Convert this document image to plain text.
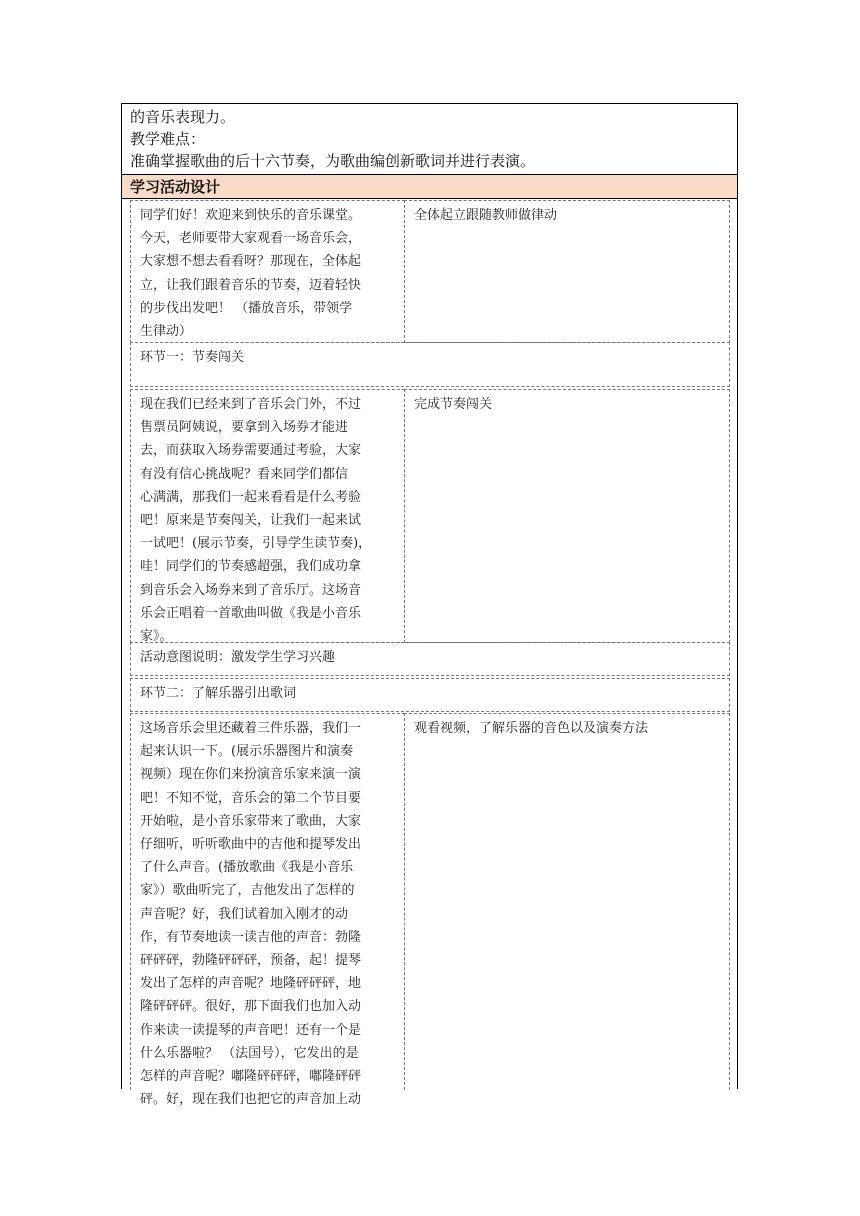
的音乐表现力。
教学难点：
准确掌握歌曲的后十六节奏，为歌曲编创新歌词并进行表演。
学习活动设计
同学们好！欢迎来到快乐的音乐课堂。
今天，老师要带大家观看一场音乐会，
大家想不想去看看呀？那现在，全体起
立，让我们跟着音乐的节奏，迈着轻快
的步伐出发吧！ （播放音乐，带领学
生律动）
全体起立跟随教师做律动
环节一：节奏闯关
现在我们已经来到了音乐会门外，不过
售票员阿姨说，要拿到入场券才能进
去，而获取入场券需要通过考验，大家
有没有信心挑战呢？看来同学们都信
心满满，那我们一起来看看是什么考验
吧！原来是节奏闯关，让我们一起来试
一试吧！(展示节奏，引导学生读节奏)，
哇！同学们的节奏感超强，我们成功拿
到音乐会入场券来到了音乐厅。这场音
乐会正唱着一首歌曲叫做《我是小音乐
家》。
完成节奏闯关
活动意图说明：激发学生学习兴趣
环节二：了解乐器引出歌词
这场音乐会里还藏着三件乐器，我们一
起来认识一下。(展示乐器图片和演奏
视频）现在你们来扮演音乐家来演一演
吧！不知不觉，音乐会的第二个节目要
开始啦，是小音乐家带来了歌曲，大家
仔细听，听听歌曲中的吉他和提琴发出
了什么声音。(播放歌曲《我是小音乐
家》）歌曲听完了，吉他发出了怎样的
声音呢？好，我们试着加入刚才的动
作，有节奏地读一读吉他的声音：勃隆
砰砰砰，勃隆砰砰砰，预备，起！提琴
发出了怎样的声音呢？地隆砰砰砰，地
隆砰砰砰。很好，那下面我们也加入动
作来读一读提琴的声音吧！还有一个是
什么乐器啦？ （法国号），它发出的是
怎样的声音呢？嘟隆砰砰砰，嘟隆砰砰
砰。好，现在我们也把它的声音加上动
观看视频，了解乐器的音色以及演奏方法
